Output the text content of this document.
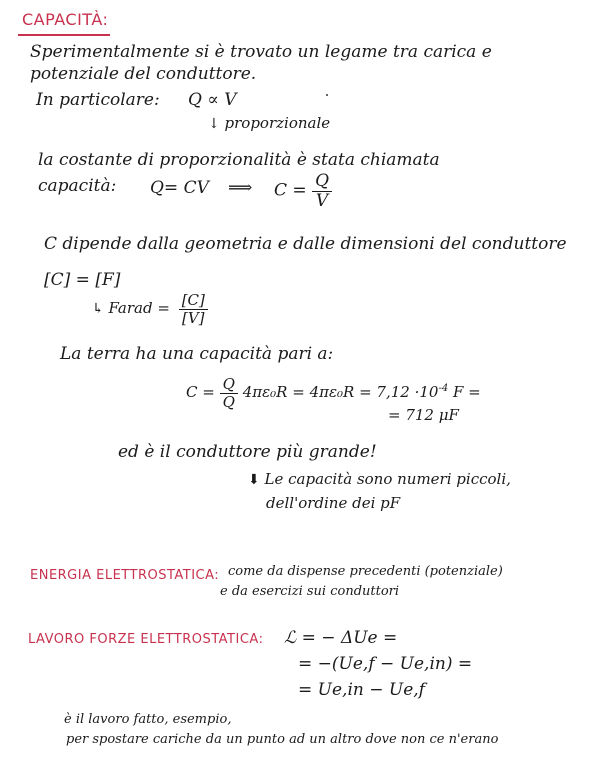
CAPACITÀ:
Sperimentalmente si è trovato un legame tra carica e
potenziale del conduttore.
In particolare: Q ∝ V
↓ proporzionale
la costante di proporzionalità è stata chiamata
capacità: Q= CV ⟹ $C = \frac{Q}{V}$
C dipende dalla geometria e dalle dimensioni del conduttore
[C] = [F]
↳ Farad = $\frac{[C]}{[V]}$
La terra ha una capacità pari a:
$C = \frac{Q}{Q} 4\pi\varepsilon_0R = 4\pi\varepsilon_0R = 7,12 \cdot 10^{-4}$ F =
= 712 μF
ed è il conduttore più grande!
⬇ Le capacità sono numeri piccoli,
dell'ordine dei pF
ENERGIA ELETTROSTATICA: come da dispense precedenti (potenziale)
e da esercizi sui conduttori
LAVORO FORZE ELETTROSTATICA: ℒ = − ΔUe =
= −(Ue,f − Ue,in) =
= Ue,in − Ue,f
è il lavoro fatto, esempio,
per spostare cariche da un punto ad un altro dove non ce n'erano
